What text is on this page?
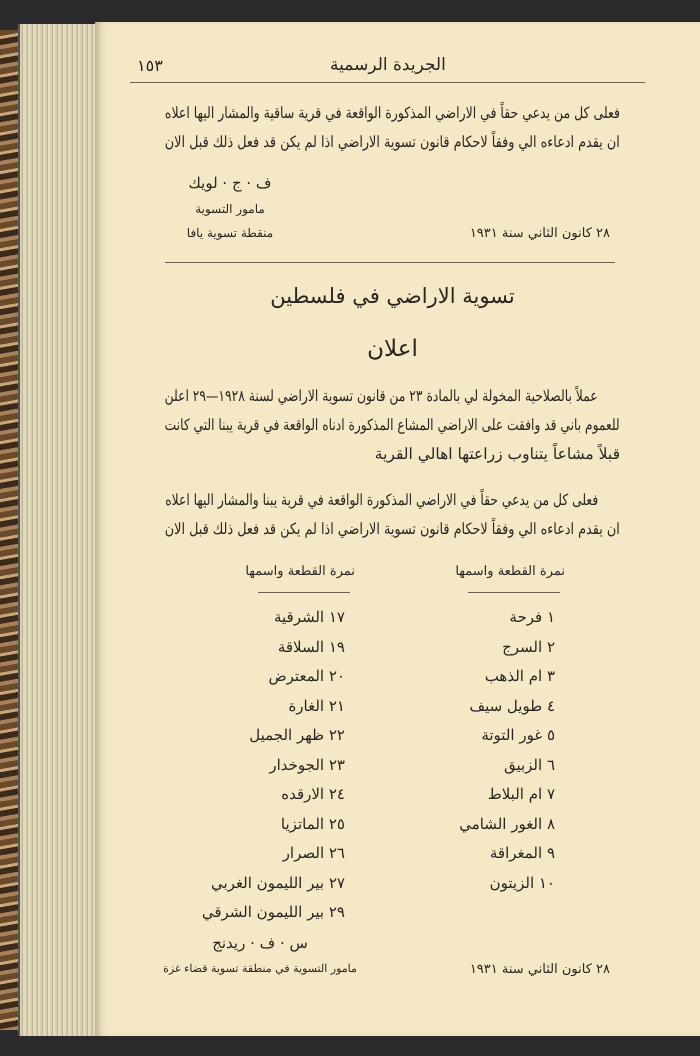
١٥٣	الجريدة الرسمية
فعلى كل من يدعي حقاً في الاراضي المذكورة الواقعة في قرية ساقية والمشار اليها اعلاه
ان يقدم ادعاءه الي وفقاً لاحكام قانون تسوية الاراضي اذا لم يكن قد فعل ذلك قبل الان
ف · ج · لويك
مامور التسوية
منقطة تسوية يافا	٢٨ كانون الثاني سنة ١٩٣١
تسوية الاراضي في فلسطين
اعلان
عملاً بالصلاحية المخولة لي بالمادة ٢٣ من قانون تسوية الاراضي لسنة ١٩٢٨—٢٩ اعلن
للعموم باني قد وافقت على الاراضي المشاع المذكورة ادناه الواقعة في قرية يبنا التي كانت
قبلاً مشاعاً يتناوب زراعتها اهالي القرية
فعلى كل من يدعي حقاً في الاراضي المذكورة الواقعة في قرية يبنا والمشار اليها اعلاه
ان يقدم ادعاءه الي وفقاً لاحكام قانون تسوية الاراضي اذا لم يكن قد فعل ذلك قبل الان
نمرة القطعة واسمها
نمرة القطعة واسمها
١ فرحة
٢ السرج
٣ ام الذهب
٤ طويل سيف
٥ غور التوتة
٦ الزبيق
٧ ام البلاط
٨ الغور الشامي
٩ المغراقة
١٠ الزيتون
١٧ الشرقية
١٩ السلاقة
٢٠ المعترض
٢١ الغارة
٢٢ ظهر الجميل
٢٣ الجوخدار
٢٤ الارقده
٢٥ الماتزيا
٢٦ الصرار
٢٧ بير الليمون الغربي
٢٩ بير الليمون الشرقي
س · ف · ريدنج
مامور التسوية في منطقة تسوية قضاء غزة	٢٨ كانون الثاني سنة ١٩٣١
